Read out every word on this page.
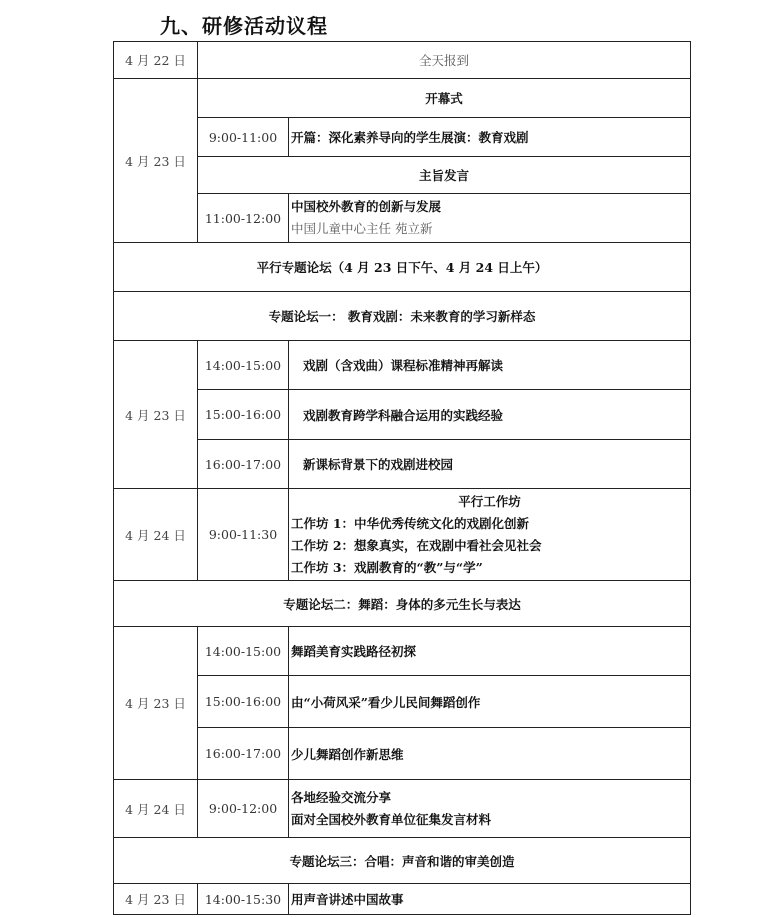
九、研修活动议程
4 月 22 日	全天报到	
4 月 23 日	开幕式	
	9:00-11:00	开篇：深化素养导向的学生展演：教育戏剧
	主旨发言	
	11:00-12:00	中国校外教育的创新与发展
中国儿童中心主任 苑立新

平行专题论坛（4 月 23 日下午、4 月 24 日上午）		
专题论坛一： 教育戏剧：未来教育的学习新样态		
4 月 23 日	14:00-15:00	戏剧（含戏曲）课程标准精神再解读
	15:00-16:00	戏剧教育跨学科融合运用的实践经验
	16:00-17:00	新课标背景下的戏剧进校园
4 月 24 日	9:00-11:30	平行工作坊
工作坊 1：中华优秀传统文化的戏剧化创新
工作坊 2：想象真实，在戏剧中看社会见社会
工作坊 3：戏剧教育的“教”与“学”

专题论坛二：舞蹈：身体的多元生长与表达		
4 月 23 日	14:00-15:00	舞蹈美育实践路径初探
	15:00-16:00	由“小荷风采”看少儿民间舞蹈创作
	16:00-17:00	少儿舞蹈创作新思维
4 月 24 日	9:00-12:00	各地经验交流分享
面对全国校外教育单位征集发言材料

专题论坛三：合唱：声音和谐的审美创造		
4 月 23 日	14:00-15:30	用声音讲述中国故事
